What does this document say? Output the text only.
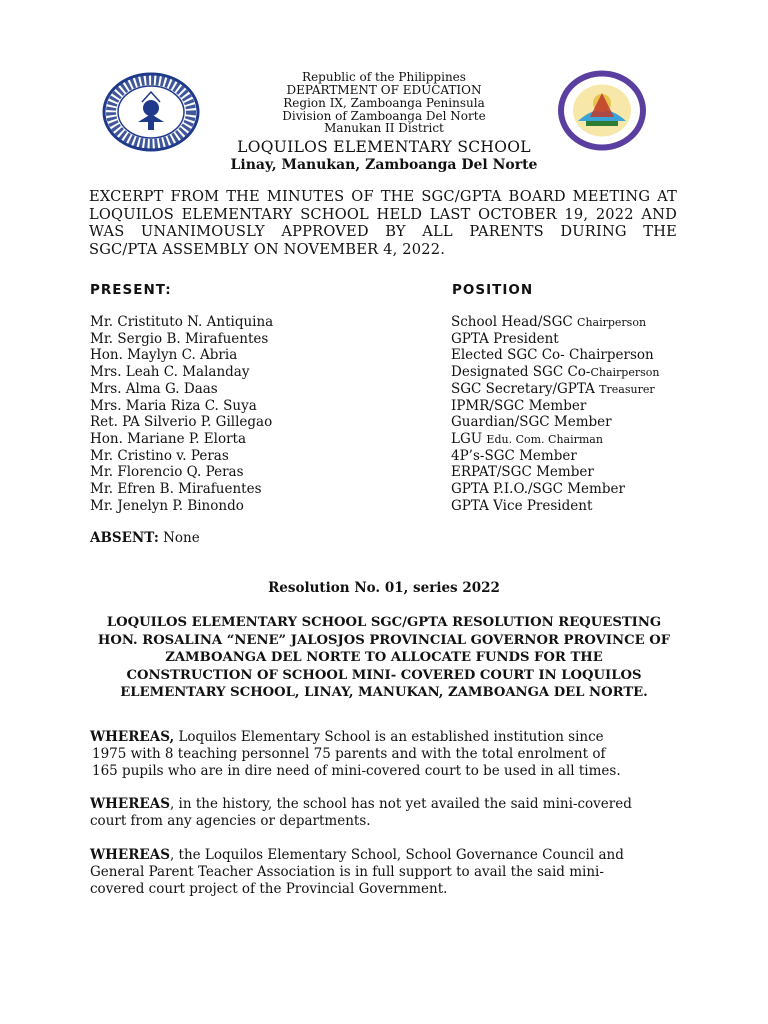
Republic of the Philippines
DEPARTMENT OF EDUCATION
Region IX, Zamboanga Peninsula
Division of Zamboanga Del Norte
Manukan II District
LOQUILOS ELEMENTARY SCHOOL
Linay, Manukan, Zamboanga Del Norte
EXCERPT FROM THE MINUTES OF THE SGC/GPTA BOARD MEETING AT
LOQUILOS ELEMENTARY SCHOOL HELD LAST OCTOBER 19, 2022 AND
WAS UNANIMOUSLY APPROVED BY ALL PARENTS DURING THE
SGC/PTA ASSEMBLY ON NOVEMBER 4, 2022.
PRESENT:	POSITION
Mr. Cristituto N. Antiquina	School Head/SGC Chairperson
Mr. Sergio B. Mirafuentes	GPTA President
Hon. Maylyn C. Abria	Elected SGC Co- Chairperson
Mrs. Leah C. Malanday	Designated SGC Co-Chairperson
Mrs. Alma G. Daas	SGC Secretary/GPTA Treasurer
Mrs. Maria Riza C. Suya	IPMR/SGC Member
Ret. PA Silverio P. Gillegao	Guardian/SGC Member
Hon. Mariane P. Elorta	LGU Edu. Com. Chairman
Mr. Cristino v. Peras	4P’s-SGC Member
Mr. Florencio Q. Peras	ERPAT/SGC Member
Mr. Efren B. Mirafuentes	GPTA P.I.O./SGC Member
Mr. Jenelyn P. Binondo	GPTA Vice President
ABSENT: None
Resolution No. 01, series 2022
LOQUILOS ELEMENTARY SCHOOL SGC/GPTA RESOLUTION REQUESTING
HON. ROSALINA “NENE” JALOSJOS PROVINCIAL GOVERNOR PROVINCE OF
ZAMBOANGA DEL NORTE TO ALLOCATE FUNDS FOR THE
CONSTRUCTION OF SCHOOL MINI- COVERED COURT IN LOQUILOS
ELEMENTARY SCHOOL, LINAY, MANUKAN, ZAMBOANGA DEL NORTE.
WHEREAS, Loquilos Elementary School is an established institution since
1975 with 8 teaching personnel 75 parents and with the total enrolment of
165 pupils who are in dire need of mini-covered court to be used in all times.
WHEREAS, in the history, the school has not yet availed the said mini-covered
court from any agencies or departments.
WHEREAS, the Loquilos Elementary School, School Governance Council and
General Parent Teacher Association is in full support to avail the said mini-
covered court project of the Provincial Government.
